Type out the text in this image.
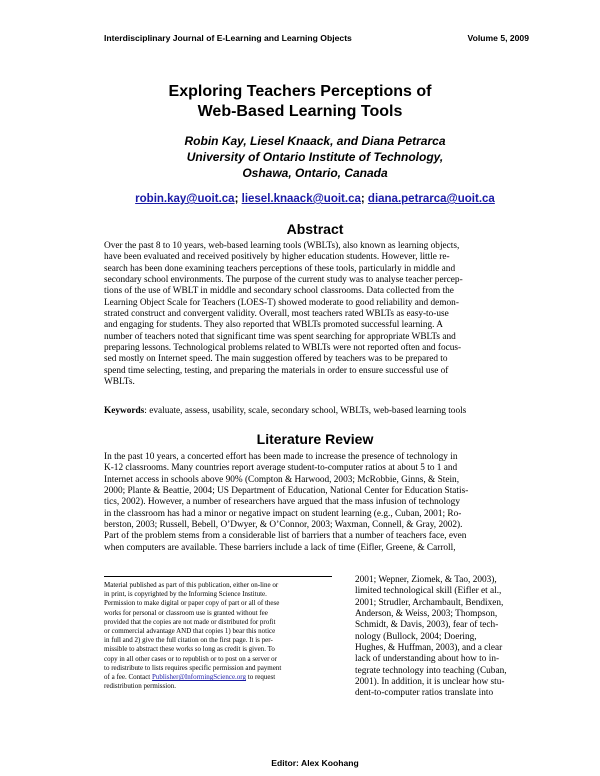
Interdisciplinary Journal of E-Learning and Learning Objects	Volume 5, 2009
Exploring Teachers Perceptions of
Web-Based Learning Tools
Robin Kay, Liesel Knaack, and Diana Petrarca
University of Ontario Institute of Technology,
Oshawa, Ontario, Canada
robin.kay@uoit.ca; liesel.knaack@uoit.ca; diana.petrarca@uoit.ca
Abstract
Over the past 8 to 10 years, web-based learning tools (WBLTs), also known as learning objects,
have been evaluated and received positively by higher education students. However, little re-
search has been done examining teachers perceptions of these tools, particularly in middle and
secondary school environments. The purpose of the current study was to analyse teacher percep-
tions of the use of WBLT in middle and secondary school classrooms. Data collected from the
Learning Object Scale for Teachers (LOES-T) showed moderate to good reliability and demon-
strated construct and convergent validity. Overall, most teachers rated WBLTs as easy-to-use
and engaging for students. They also reported that WBLTs promoted successful learning. A
number of teachers noted that significant time was spent searching for appropriate WBLTs and
preparing lessons. Technological problems related to WBLTs were not reported often and focus-
sed mostly on Internet speed. The main suggestion offered by teachers was to be prepared to
spend time selecting, testing, and preparing the materials in order to ensure successful use of
WBLTs.
Keywords: evaluate, assess, usability, scale, secondary school, WBLTs, web-based learning tools
Literature Review
In the past 10 years, a concerted effort has been made to increase the presence of technology in
K-12 classrooms. Many countries report average student-to-computer ratios at about 5 to 1 and
Internet access in schools above 90% (Compton & Harwood, 2003; McRobbie, Ginns, & Stein,
2000; Plante & Beattie, 2004; US Department of Education, National Center for Education Statis-
tics, 2002). However, a number of researchers have argued that the mass infusion of technology
in the classroom has had a minor or negative impact on student learning (e.g., Cuban, 2001; Ro-
berston, 2003; Russell, Bebell, O’Dwyer, & O’Connor, 2003; Waxman, Connell, & Gray, 2002).
Part of the problem stems from a considerable list of barriers that a number of teachers face, even
when computers are available. These barriers include a lack of time (Eifler, Greene, & Carroll,
Material published as part of this publication, either on-line or
in print, is copyrighted by the Informing Science Institute.
Permission to make digital or paper copy of part or all of these
works for personal or classroom use is granted without fee
provided that the copies are not made or distributed for profit
or commercial advantage AND that copies 1) bear this notice
in full and 2) give the full citation on the first page. It is per-
missible to abstract these works so long as credit is given. To
copy in all other cases or to republish or to post on a server or
to redistribute to lists requires specific permission and payment
of a fee. Contact Publisher@InformingScience.org to request
redistribution permission.
2001; Wepner, Ziomek, & Tao, 2003),
limited technological skill (Eifler et al.,
2001; Strudler, Archambault, Bendixen,
Anderson, & Weiss, 2003; Thompson,
Schmidt, & Davis, 2003), fear of tech-
nology (Bullock, 2004; Doering,
Hughes, & Huffman, 2003), and a clear
lack of understanding about how to in-
tegrate technology into teaching (Cuban,
2001). In addition, it is unclear how stu-
dent-to-computer ratios translate into
Editor: Alex Koohang
